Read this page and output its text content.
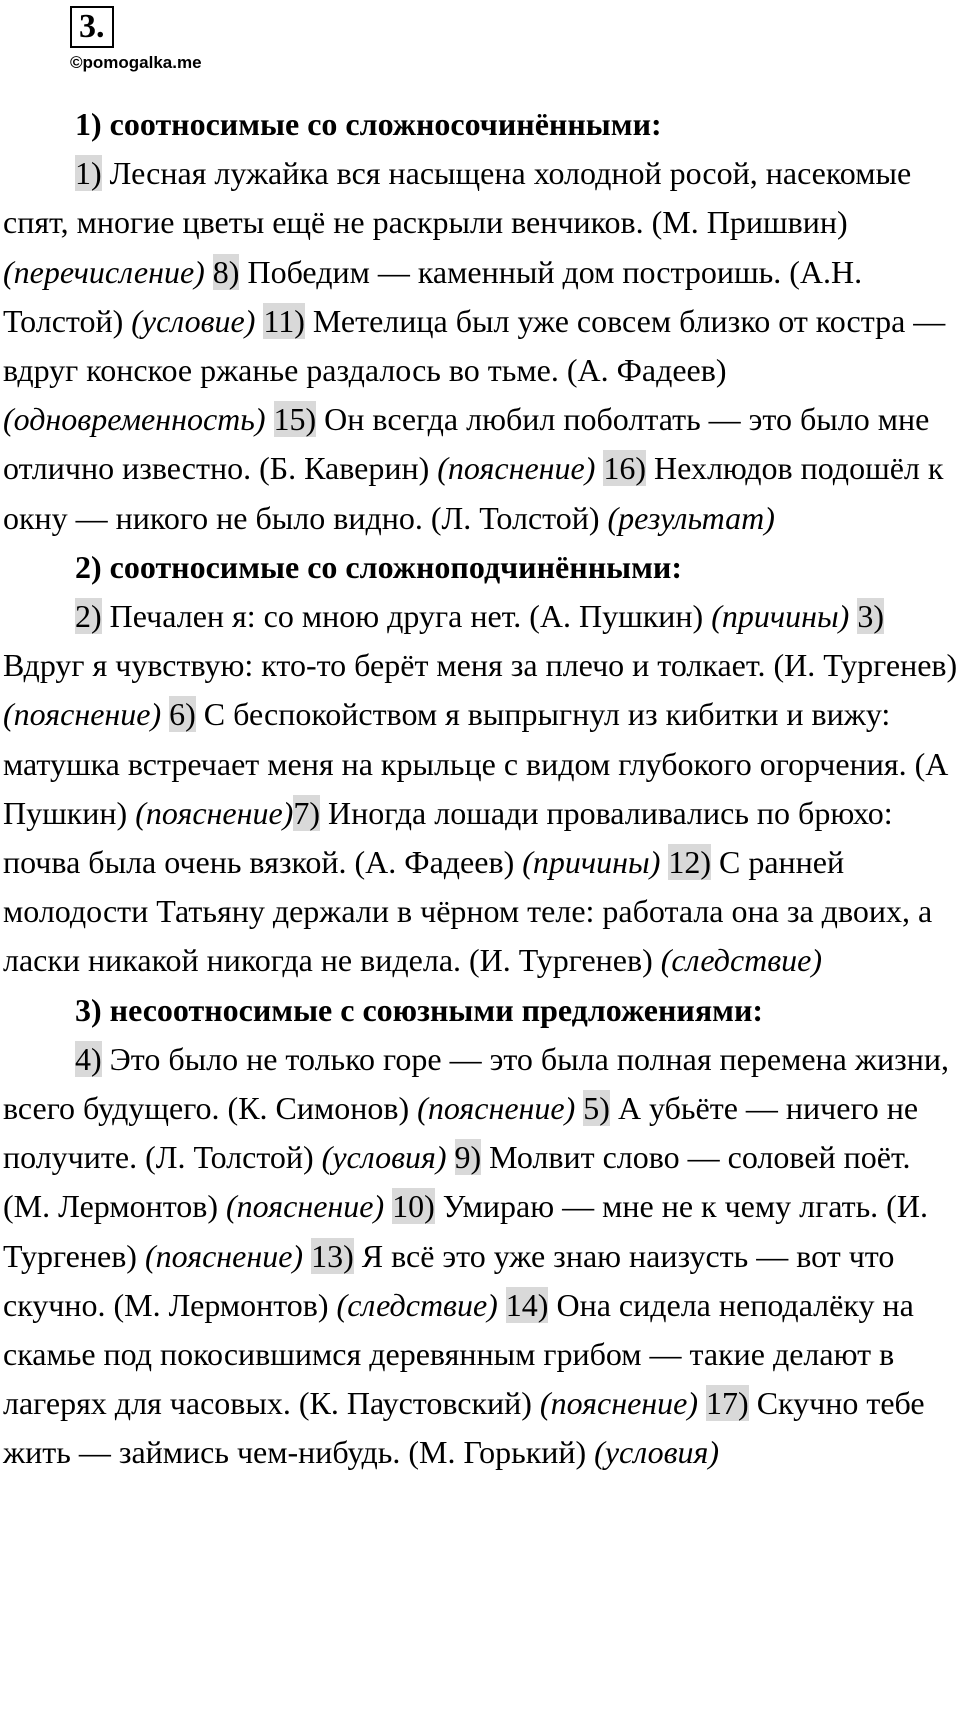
3.
©pomogalka.me

1) соотносимые со сложносочинёнными:

1) Лесная лужайка вся насыщена холодной росой, насекомые спят, многие цветы ещё не раскрыли венчиков. (М. Пришвин) (перечисление) 8) Победим — каменный дом построишь. (А.Н. Толстой) (условие) 11) Метелица был уже совсем близко от костра — вдруг конское ржанье раздалось во тьме. (А. Фадеев) (одновременность) 15) Он всегда любил поболтать — это было мне отлично известно. (Б. Каверин) (пояснение) 16) Нехлюдов подошёл к окну — никого не было видно. (Л. Толстой) (результат)

2) соотносимые со сложноподчинёнными:

2) Печален я: со мною друга нет. (А. Пушкин) (причины) 3) Вдруг я чувствую: кто-то берёт меня за плечо и толкает. (И. Тургенев) (пояснение) 6) С беспокойством я выпрыгнул из кибитки и вижу: матушка встречает меня на крыльце с видом глубокого огорчения. (А Пушкин) (пояснение)7) Иногда лошади проваливались по брюхо: почва была очень вязкой. (А. Фадеев) (причины) 12) С ранней молодости Татьяну держали в чёрном теле: работала она за двоих, а ласки никакой никогда не видела. (И. Тургенев) (следствие)

3) несоотносимые с союзными предложениями:

4) Это было не только горе — это была полная перемена жизни, всего будущего. (К. Симонов) (пояснение) 5) А убьёте — ничего не получите. (Л. Толстой) (условия) 9) Молвит слово — соловей поёт. (М. Лермонтов) (пояснение) 10) Умираю — мне не к чему лгать. (И. Тургенев) (пояснение) 13) Я всё это уже знаю наизусть — вот что скучно. (М. Лермонтов) (следствие) 14) Она сидела неподалёку на скамье под покосившимся деревянным грибом — такие делают в лагерях для часовых. (К. Паустовский) (пояснение) 17) Скучно тебе жить — займись чем-нибудь. (М. Горький) (условия)
